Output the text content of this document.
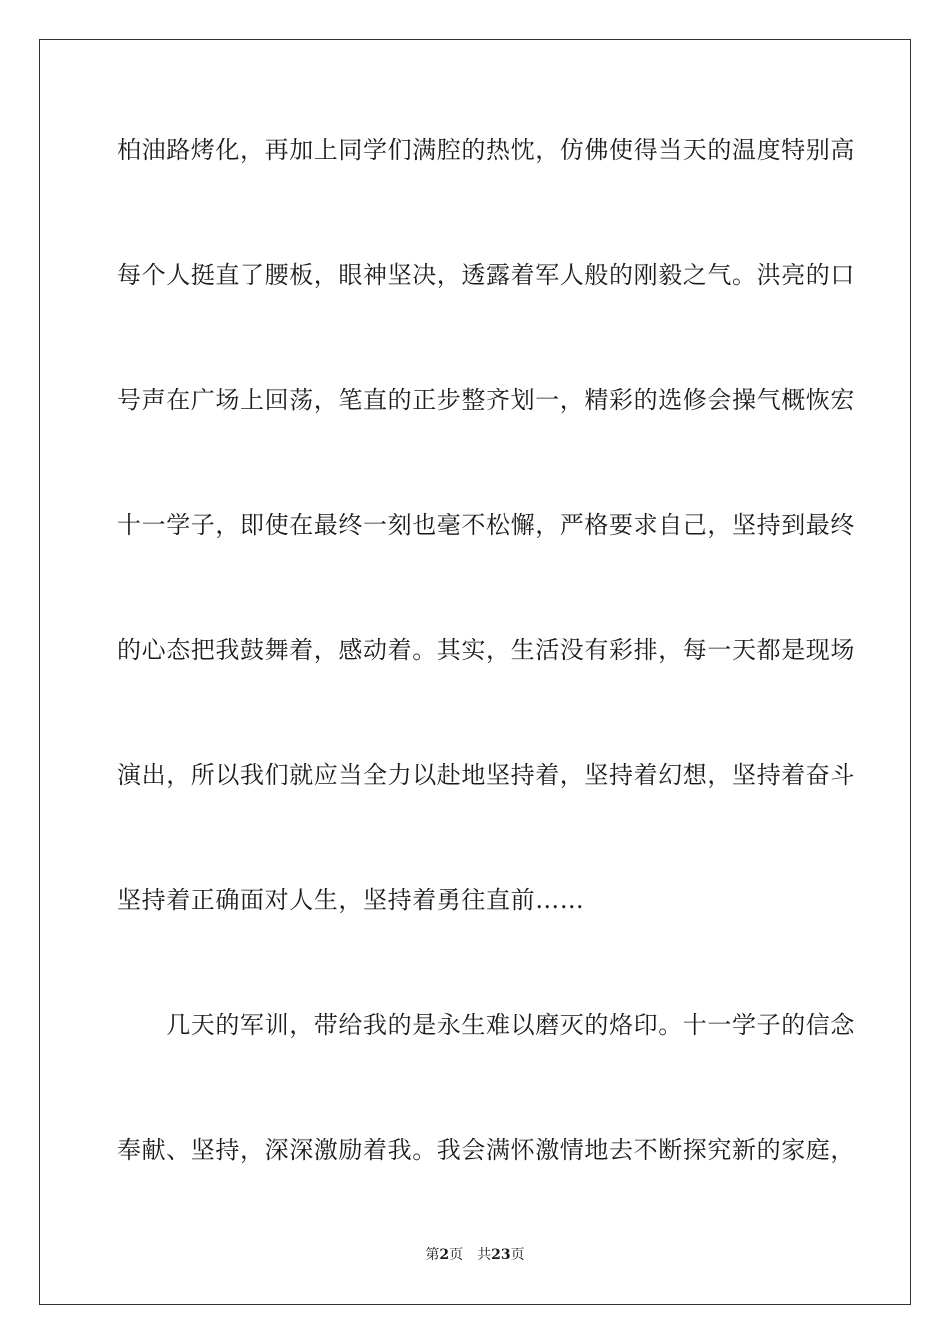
柏油路烤化，再加上同学们满腔的热忱，仿佛使得当天的温度特别高
每个人挺直了腰板，眼神坚决，透露着军人般的刚毅之气。洪亮的口
号声在广场上回荡，笔直的正步整齐划一，精彩的选修会操气概恢宏
十一学子，即使在最终一刻也毫不松懈，严格要求自己，坚持到最终
的心态把我鼓舞着，感动着。其实，生活没有彩排，每一天都是现场
演出，所以我们就应当全力以赴地坚持着，坚持着幻想，坚持着奋斗
坚持着正确面对人生，坚持着勇往直前……
　　几天的军训，带给我的是永生难以磨灭的烙印。十一学子的信念
奉献、坚持，深深激励着我。我会满怀激情地去不断探究新的家庭，
第2页 共23页
